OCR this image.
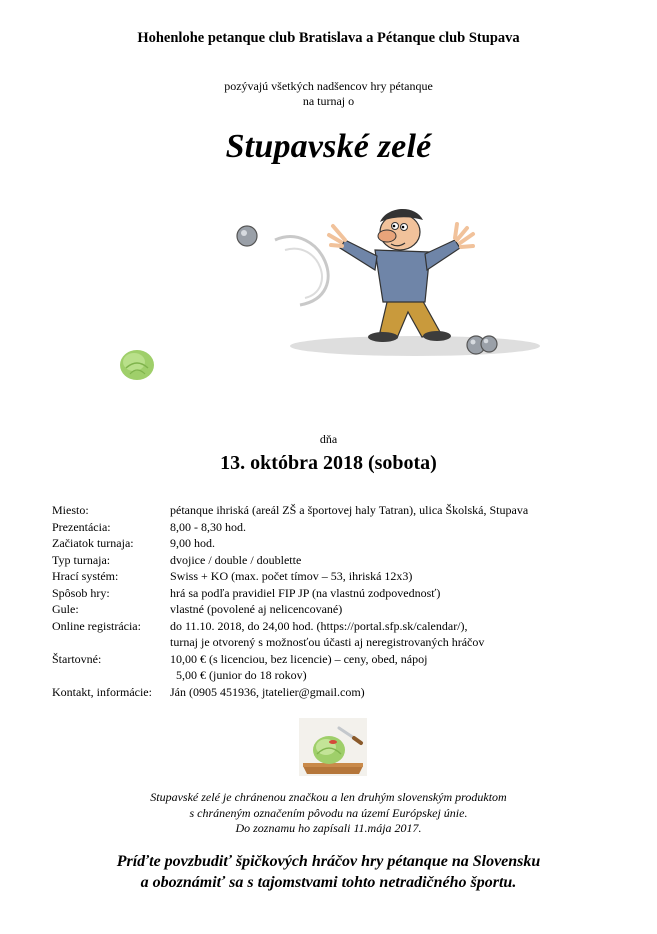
Hohenlohe petanque club Bratislava a Pétanque club Stupava
pozývajú všetkých nadšencov hry pétanque
na turnaj o
Stupavské zelé
dňa
13. októbra 2018 (sobota)
Miesto:	pétanque ihriská (areál ZŠ a športovej haly Tatran), ulica Školská, Stupava
Prezentácia:	8,00 - 8,30 hod.
Začiatok turnaja:	9,00 hod.
Typ turnaja:	dvojice / double / doublette
Hrací systém:	Swiss + KO (max. počet tímov – 53, ihriská 12x3)
Spôsob hry:	hrá sa podľa pravidiel FIP JP (na vlastnú zodpovednosť)
Gule:	vlastné (povolené aj nelicencované)
Online registrácia:	do 11.10. 2018, do 24,00 hod. (https://portal.sfp.sk/calendar/),
turnaj je otvorený s možnosťou účasti aj neregistrovaných hráčov
Štartovné:	10,00 € (s licenciou, bez licencie) – ceny, obed, nápoj
5,00 € (junior do 18 rokov)
Kontakt, informácie:	Ján (0905 451936, jtatelier@gmail.com)
Stupavské zelé je chránenou značkou a len druhým slovenským produktom
s chráneným označením pôvodu na území Európskej únie.
Do zoznamu ho zapísali 11.mája 2017.
Príďte povzbudiť špičkových hráčov hry pétanque na Slovensku
a oboznámiť sa s tajomstvami tohto netradičného športu.
